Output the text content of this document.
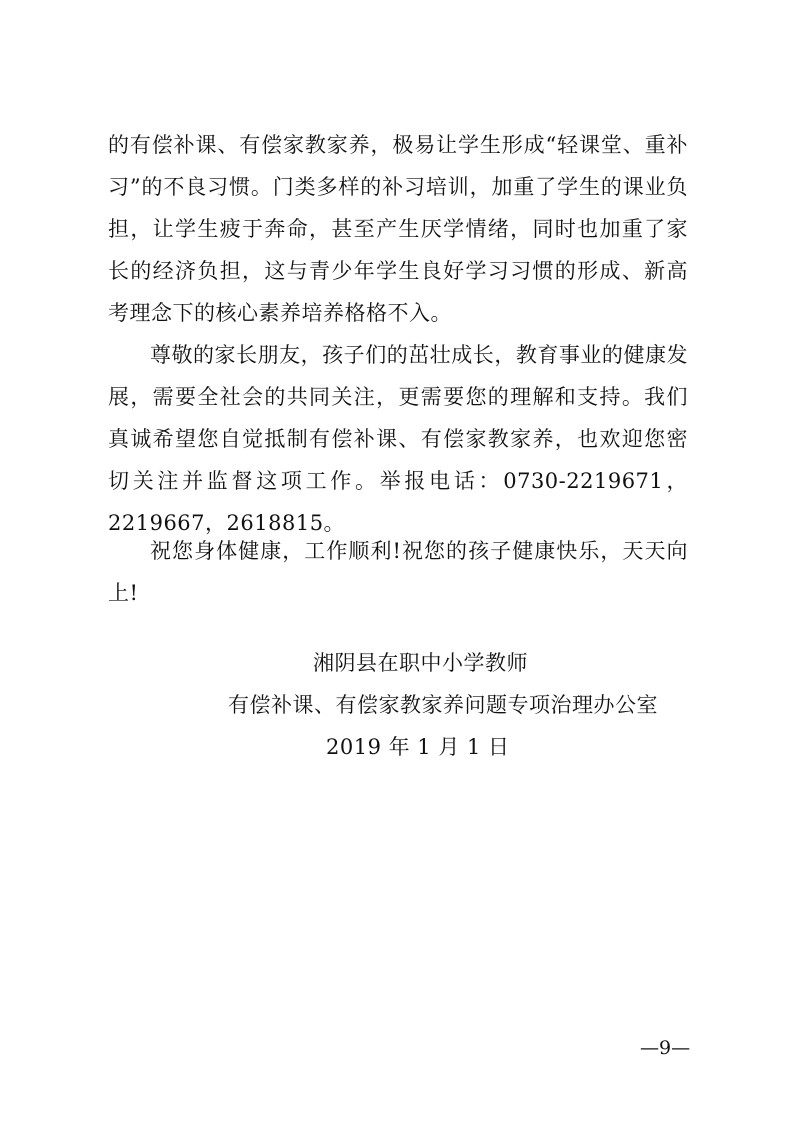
的有偿补课、有偿家教家养，极易让学生形成“轻课堂、重补习”的不良习惯。门类多样的补习培训，加重了学生的课业负担，让学生疲于奔命，甚至产生厌学情绪，同时也加重了家长的经济负担，这与青少年学生良好学习习惯的形成、新高考理念下的核心素养培养格格不入。

尊敬的家长朋友，孩子们的茁壮成长，教育事业的健康发展，需要全社会的共同关注，更需要您的理解和支持。我们真诚希望您自觉抵制有偿补课、有偿家教家养，也欢迎您密切关注并监督这项工作。举报电话：0730-2219671，2219667，2618815。

祝您身体健康，工作顺利!祝您的孩子健康快乐，天天向上!

湘阴县在职中小学教师
有偿补课、有偿家教家养问题专项治理办公室
2019 年 1 月 1 日
—9—
